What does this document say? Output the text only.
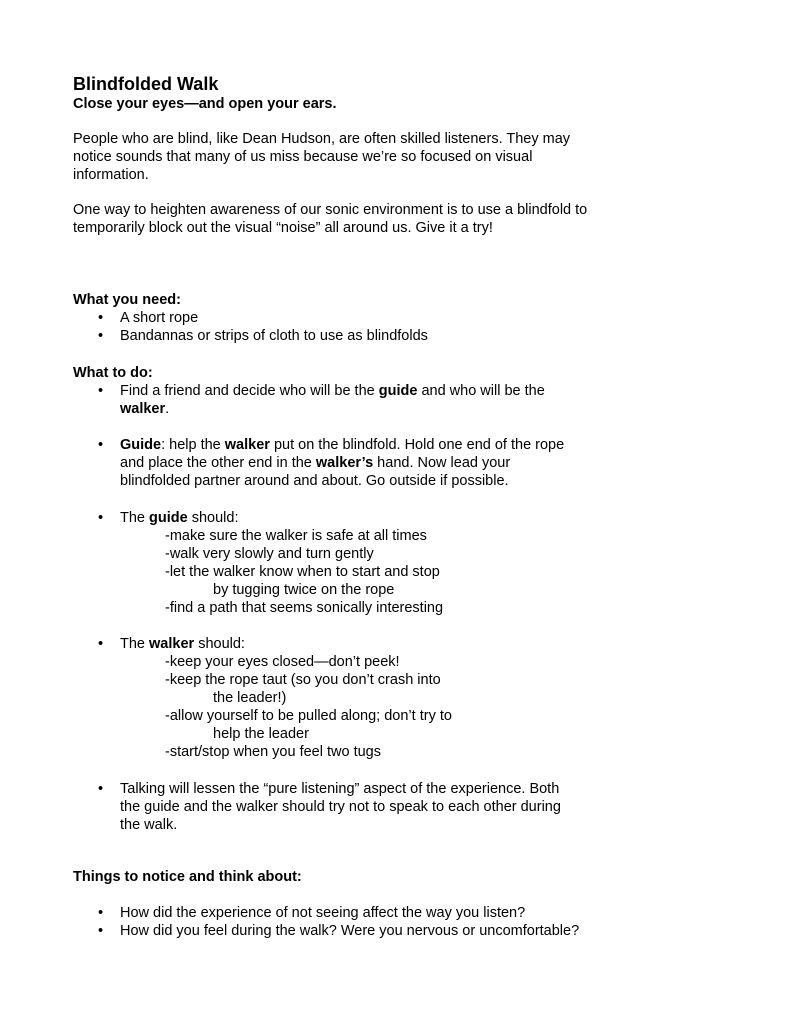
Blindfolded Walk
Close your eyes—and open your ears.
People who are blind, like Dean Hudson, are often skilled listeners. They may notice sounds that many of us miss because we’re so focused on visual information.
One way to heighten awareness of our sonic environment is to use a blindfold to temporarily block out the visual “noise” all around us. Give it a try!
What you need:
•	A short rope
•	Bandannas or strips of cloth to use as blindfolds
What to do:
•	Find a friend and decide who will be the guide and who will be the walker.
•	Guide: help the walker put on the blindfold. Hold one end of the rope and place the other end in the walker’s hand. Now lead your blindfolded partner around and about. Go outside if possible.
•	The guide should:
-make sure the walker is safe at all times
-walk very slowly and turn gently
-let the walker know when to start and stop
by tugging twice on the rope
-find a path that seems sonically interesting
•	The walker should:
-keep your eyes closed—don’t peek!
-keep the rope taut (so you don’t crash into
the leader!)
-allow yourself to be pulled along; don’t try to
help the leader
-start/stop when you feel two tugs
•	Talking will lessen the “pure listening” aspect of the experience. Both the guide and the walker should try not to speak to each other during the walk.
Things to notice and think about:
•	How did the experience of not seeing affect the way you listen?
•	How did you feel during the walk? Were you nervous or uncomfortable?
